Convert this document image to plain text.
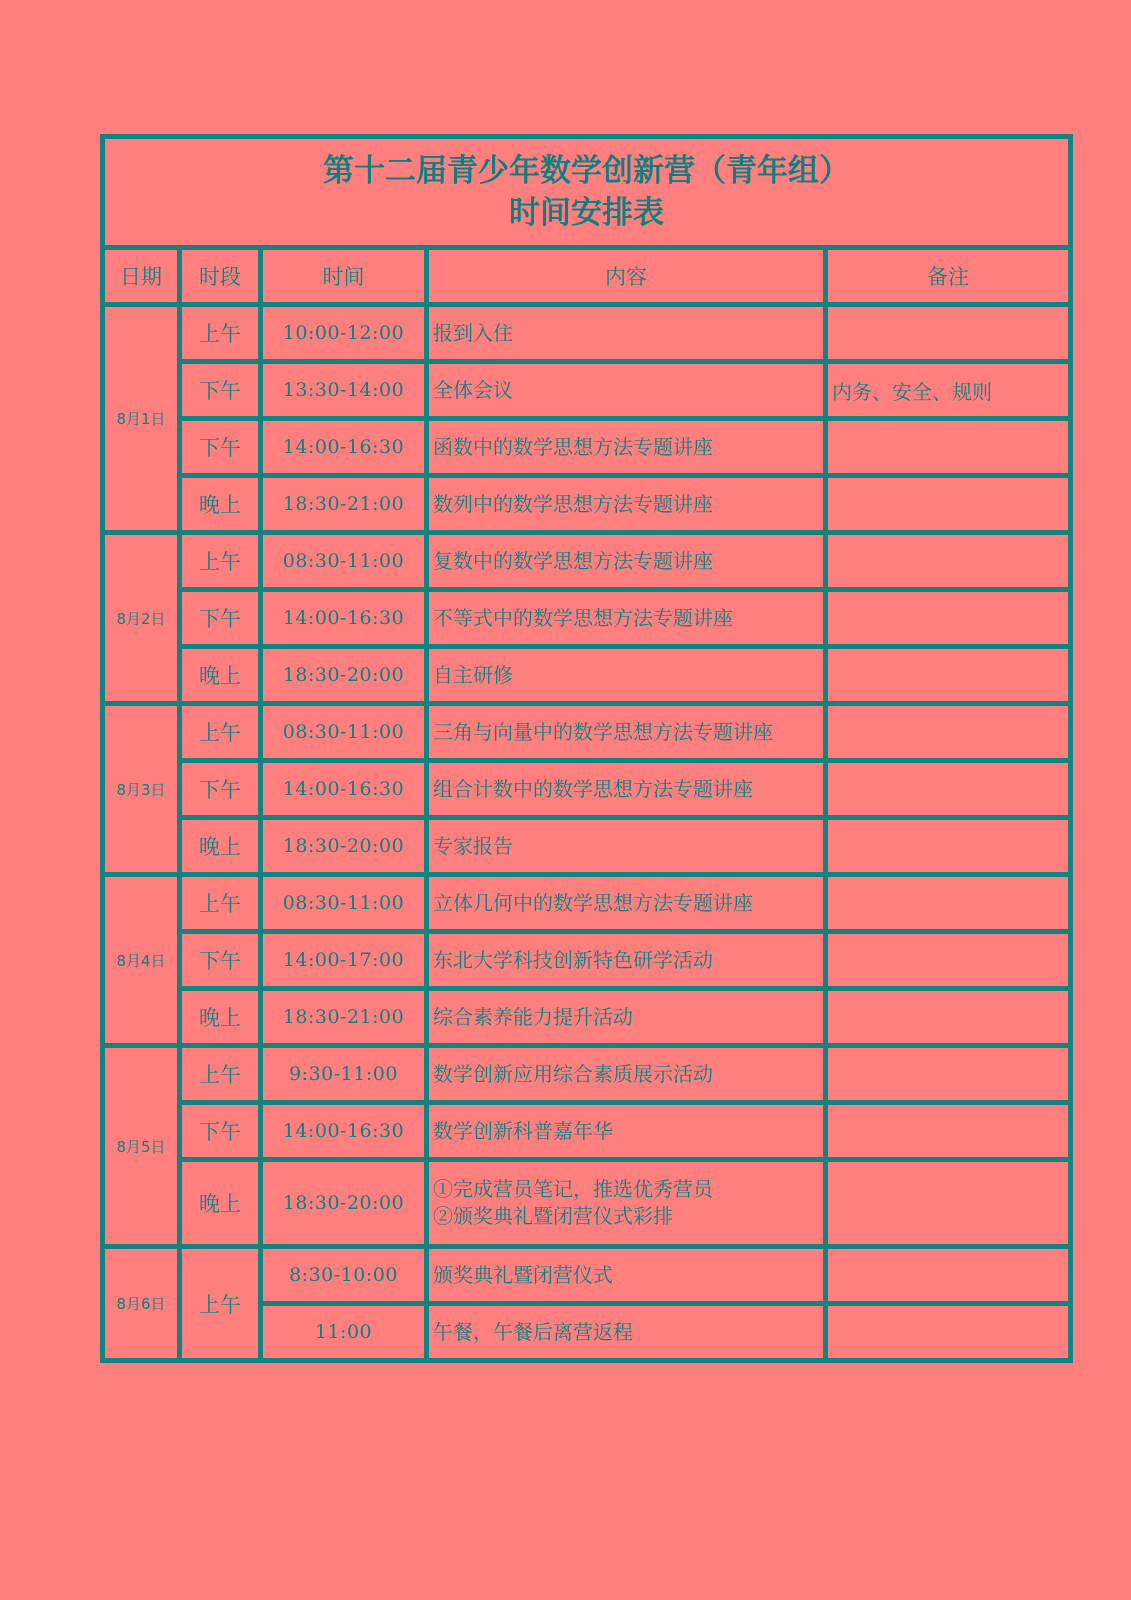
第十二届青少年数学创新营（青年组）
时间安排表				

日期	时段	时间	内容	备注
8月1日	上午	10:00-12:00	报到入住	
	下午	13:30-14:00	全体会议	内务、安全、规则
	下午	14:00-16:30	函数中的数学思想方法专题讲座	
	晚上	18:30-21:00	数列中的数学思想方法专题讲座	
8月2日	上午	08:30-11:00	复数中的数学思想方法专题讲座	
	下午	14:00-16:30	不等式中的数学思想方法专题讲座	
	晚上	18:30-20:00	自主研修	
8月3日	上午	08:30-11:00	三角与向量中的数学思想方法专题讲座	
	下午	14:00-16:30	组合计数中的数学思想方法专题讲座	
	晚上	18:30-20:00	专家报告	
8月4日	上午	08:30-11:00	立体几何中的数学思想方法专题讲座	
	下午	14:00-17:00	东北大学科技创新特色研学活动	
	晚上	18:30-21:00	综合素养能力提升活动	
8月5日	上午	9:30-11:00	数学创新应用综合素质展示活动	
	下午	14:00-16:30	数学创新科普嘉年华	
	晚上	18:30-20:00	①完成营员笔记，推选优秀营员
②颁奖典礼暨闭营仪式彩排	

8月6日	上午	8:30-10:00	颁奖典礼暨闭营仪式	
		11:00	午餐，午餐后离营返程	
